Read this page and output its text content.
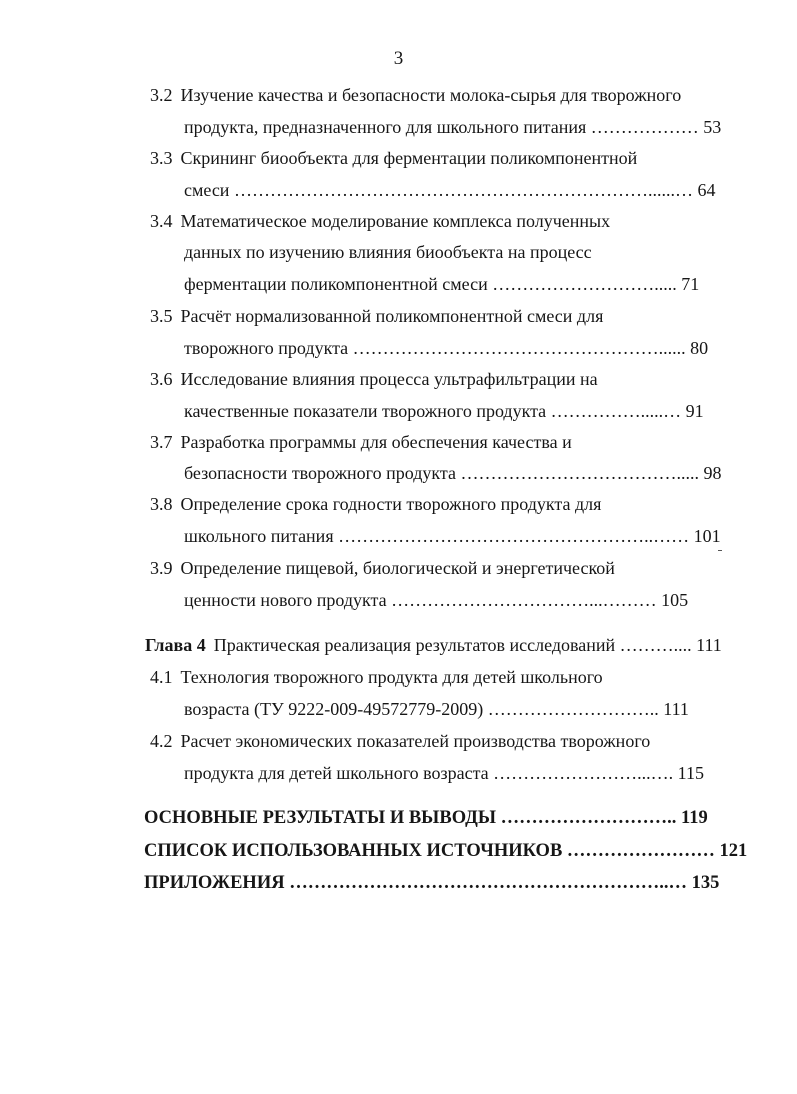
3
3.2 Изучение качества и безопасности молока-сырья для творожного
продукта, предназначенного для школьного питания ……………… 53
3.3 Скрининг биообъекта для ферментации поликомпонентной
смеси ……………………………………………………………......… 64
3.4 Математическое моделирование комплекса полученных
данных по изучению влияния биообъекта на процесс
ферментации поликомпонентной смеси ………………………..... 71
3.5 Расчёт нормализованной поликомпонентной смеси для
творожного продукта ……………………………………………...... 80
3.6 Исследование влияния процесса ультрафильтрации на
качественные показатели творожного продукта …………….....… 91
3.7 Разработка программы для обеспечения качества и
безопасности творожного продукта ………………………………..... 98
3.8 Определение срока годности творожного продукта для
школьного питания ……………………………………………..…… 101
3.9 Определение пищевой, биологической и энергетической
ценности нового продукта ……………………………...……… 105
Глава 4 Практическая реализация результатов исследований ……….... 111
4.1 Технология творожного продукта для детей школьного
возраста (ТУ 9222-009-49572779-2009) ……………………….. 111
4.2 Расчет экономических показателей производства творожного
продукта для детей школьного возраста ……………………...…. 115
ОСНОВНЫЕ РЕЗУЛЬТАТЫ И ВЫВОДЫ ……………………….. 119
СПИСОК ИСПОЛЬЗОВАННЫХ ИСТОЧНИКОВ …………………… 121
ПРИЛОЖЕНИЯ ……………………………………………………..… 135
